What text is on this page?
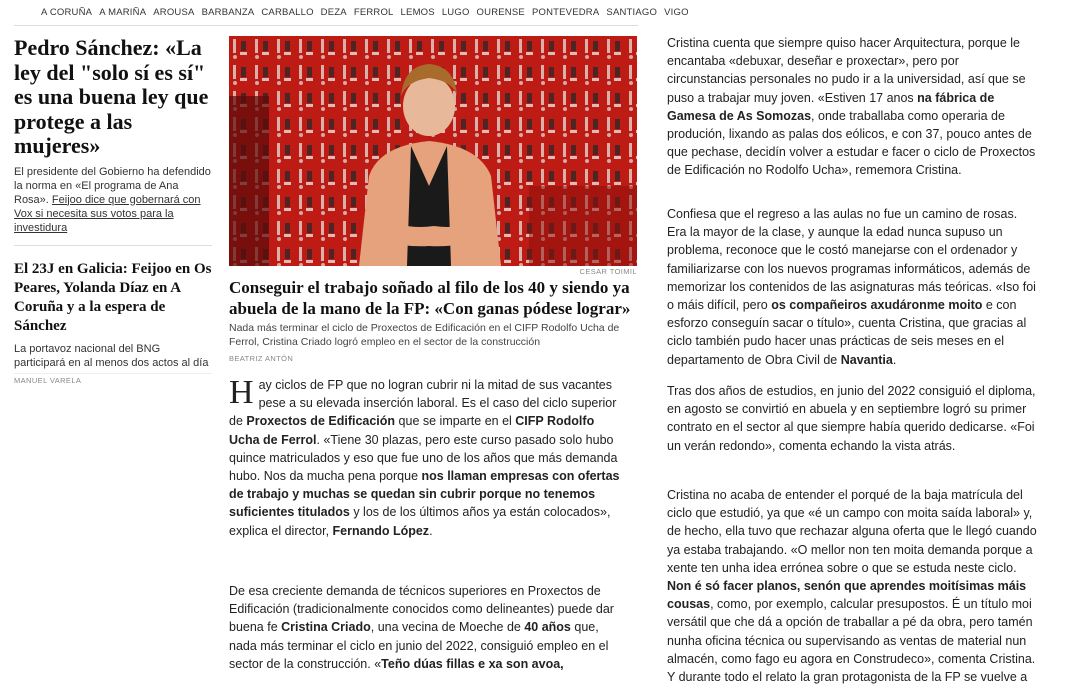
A CORUÑA A MARIÑA AROUSA BARBANZA CARBALLO DEZA FERROL LEMOS LUGO OURENSE PONTEVEDRA SANTIAGO VIGO
Pedro Sánchez: «La ley del "solo sí es sí" es una buena ley que protege a las mujeres»

El presidente del Gobierno ha defendido la norma en «El programa de Ana Rosa». Feijoo dice que gobernará con Vox si necesita sus votos para la investidura

El 23J en Galicia: Feijoo en Os Peares, Yolanda Díaz en A Coruña y a la espera de Sánchez

La portavoz nacional del BNG participará en al menos dos actos al día

MANUEL VARELA
CESAR TOIMIL
Conseguir el trabajo soñado al filo de los 40 y siendo ya abuela de la mano de la FP: «Con ganas pódese lograr»

Nada más terminar el ciclo de Proxectos de Edificación en el CIFP Rodolfo Ucha de Ferrol, Cristina Criado logró empleo en el sector de la construcción

BEATRIZ ANTÓN

Hay ciclos de FP que no logran cubrir ni la mitad de sus vacantes pese a su elevada inserción laboral. Es el caso del ciclo superior de Proxectos de Edificación que se imparte en el CIFP Rodolfo Ucha de Ferrol. «Tiene 30 plazas, pero este curso pasado solo hubo quince matriculados y eso que fue uno de los años que más demanda hubo. Nos da mucha pena porque nos llaman empresas con ofertas de trabajo y muchas se quedan sin cubrir porque no tenemos suficientes titulados y los de los últimos años ya están colocados», explica el director, Fernando López.

De esa creciente demanda de técnicos superiores en Proxectos de Edificación (tradicionalmente conocidos como delineantes) puede dar buena fe Cristina Criado, una vecina de Moeche de 40 años que, nada más terminar el ciclo en junio del 2022, consiguió empleo en el sector de la construcción. «Teño dúas fillas e xa son avoa,

Cristina cuenta que siempre quiso hacer Arquitectura, porque le encantaba «debuxar, deseñar e proxectar», pero por circunstancias personales no pudo ir a la universidad, así que se puso a trabajar muy joven. «Estiven 17 anos na fábrica de Gamesa de As Somozas, onde traballaba como operaria de produción, lixando as palas dos eólicos, e con 37, pouco antes de que pechase, decidín volver a estudar e facer o ciclo de Proxectos de Edificación no Rodolfo Ucha», rememora Cristina.

Confiesa que el regreso a las aulas no fue un camino de rosas. Era la mayor de la clase, y aunque la edad nunca supuso un problema, reconoce que le costó manejarse con el ordenador y familiarizarse con los nuevos programas informáticos, además de memorizar los contenidos de las asignaturas más teóricas. «Iso foi o máis difícil, pero os compañeiros axudáronme moito e con esforzo conseguín sacar o título», cuenta Cristina, que gracias al ciclo también pudo hacer unas prácticas de seis meses en el departamento de Obra Civil de Navantia.

Tras dos años de estudios, en junio del 2022 consiguió el diploma, en agosto se convirtió en abuela y en septiembre logró su primer contrato en el sector al que siempre había querido dedicarse. «Foi un verán redondo», comenta echando la vista atrás.

Cristina no acaba de entender el porqué de la baja matrícula del ciclo que estudió, ya que «é un campo con moita saída laboral» y, de hecho, ella tuvo que rechazar alguna oferta que le llegó cuando ya estaba trabajando. «O mellor non ten moita demanda porque a xente ten unha idea errónea sobre o que se estuda neste ciclo. Non é só facer planos, senón que aprendes moitísimas máis cousas, como, por exemplo, calcular presupostos. É un título moi versátil que che dá a opción de traballar a pé da obra, pero tamén nunha oficina técnica ou supervisando as ventas de material nun almacén, como fago eu agora en Construdeco», comenta Cristina.
Y durante todo el relato la gran protagonista de la FP se vuelve a
